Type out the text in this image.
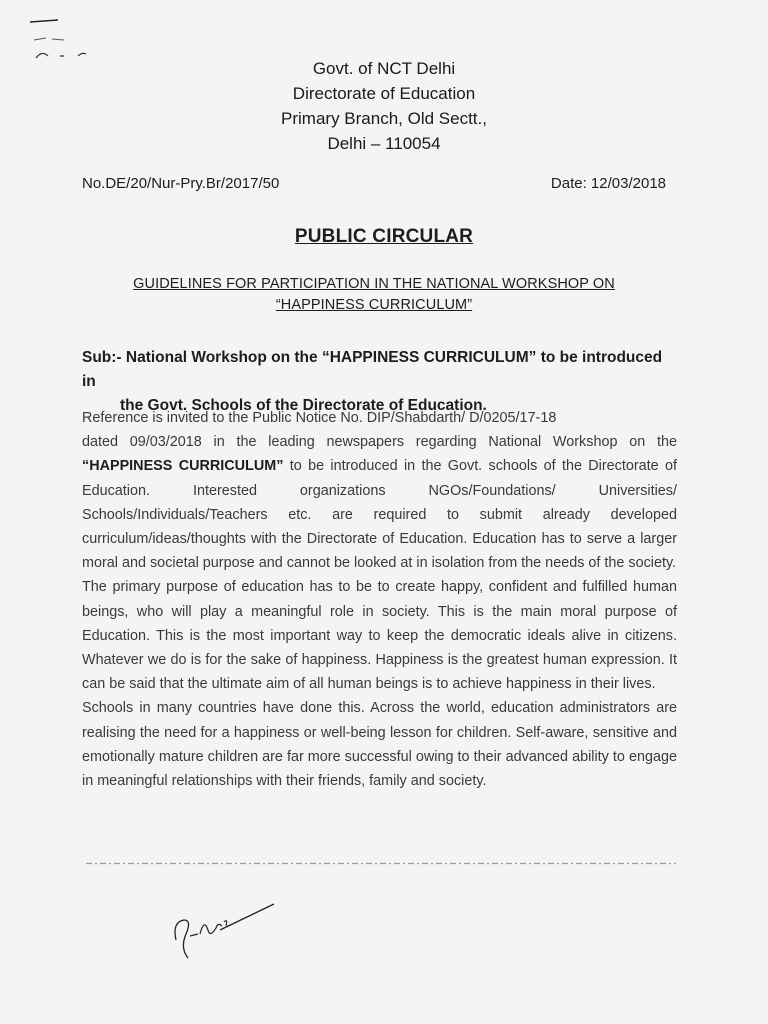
Govt. of NCT Delhi
Directorate of Education
Primary Branch, Old Sectt.,
Delhi – 110054
No.DE/20/Nur-Pry.Br/2017/50	Date: 12/03/2018
PUBLIC CIRCULAR
GUIDELINES FOR PARTICIPATION IN THE NATIONAL WORKSHOP ON
“HAPPINESS CURRICULUM”
Sub:- National Workshop on the “HAPPINESS CURRICULUM” to be introduced in
the Govt. Schools of the Directorate of Education.

Reference is invited to the Public Notice No. DIP/Shabdarth/ D/0205/17-18
dated 09/03/2018 in the leading newspapers regarding National Workshop on the “HAPPINESS CURRICULUM” to be introduced in the Govt. schools of the Directorate of Education. Interested organizations NGOs/Foundations/ Universities/ Schools/Individuals/Teachers etc. are required to submit already developed curriculum/ideas/thoughts with the Directorate of Education. Education has to serve a larger moral and societal purpose and cannot be looked at in isolation from the needs of the society.

The primary purpose of education has to be to create happy, confident and fulfilled human beings, who will play a meaningful role in society. This is the main moral purpose of Education. This is the most important way to keep the democratic ideals alive in citizens. Whatever we do is for the sake of happiness. Happiness is the greatest human expression. It can be said that the ultimate aim of all human beings is to achieve happiness in their lives.

Schools in many countries have done this. Across the world, education administrators are realising the need for a happiness or well-being lesson for children. Self-aware, sensitive and emotionally mature children are far more successful owing to their advanced ability to engage in meaningful relationships with their friends, family and society.
